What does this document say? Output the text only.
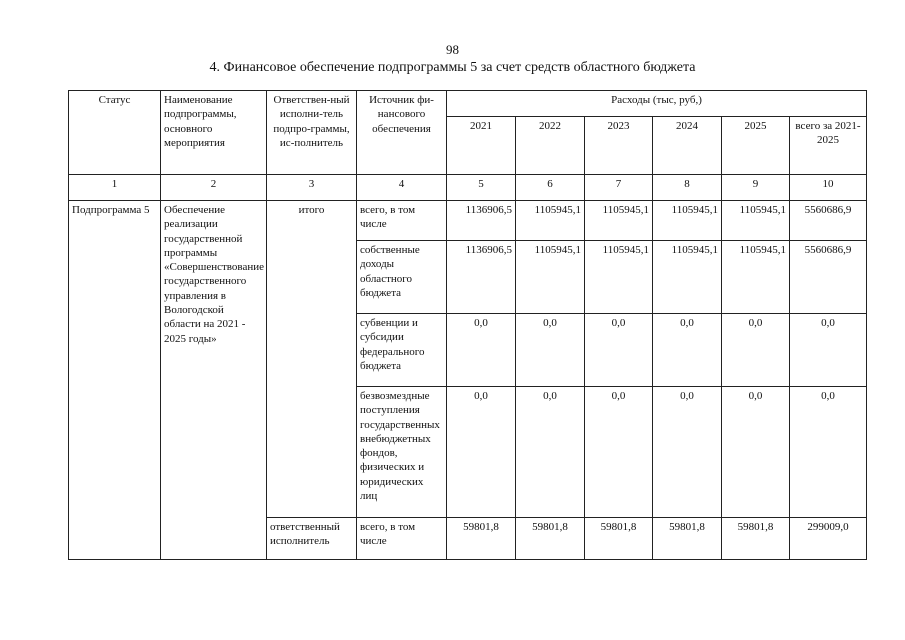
98
4. Финансовое обеспечение подпрограммы 5 за счет средств областного бюджета
Статус	Наименование подпрограммы, основного мероприятия	Ответствен-ный исполни-тель подпро-граммы, ис-полнитель	Источник фи-нансового обеспечения	Расходы (тыс, руб,)					
				2021	2022	2023	2024	2025	всего за 2021-2025
1	2	3	4	5	6	7	8	9	10
Подпрограмма 5	Обеспечение реализации государственной программы «Совершенствование государственного управления в Вологодской области на 2021 - 2025 годы»	итого	всего, в том числе	1136906,5	1105945,1	1105945,1	1105945,1	1105945,1	5560686,9
			собственные доходы областного бюджета	1136906,5	1105945,1	1105945,1	1105945,1	1105945,1	5560686,9
			субвенции и субсидии федерального бюджета	0,0	0,0	0,0	0,0	0,0	0,0
			безвозмездные поступления государственных внебюджетных фондов, физических и юридических лиц	0,0	0,0	0,0	0,0	0,0	0,0
		ответственный исполнитель	всего, в том числе	59801,8	59801,8	59801,8	59801,8	59801,8	299009,0
